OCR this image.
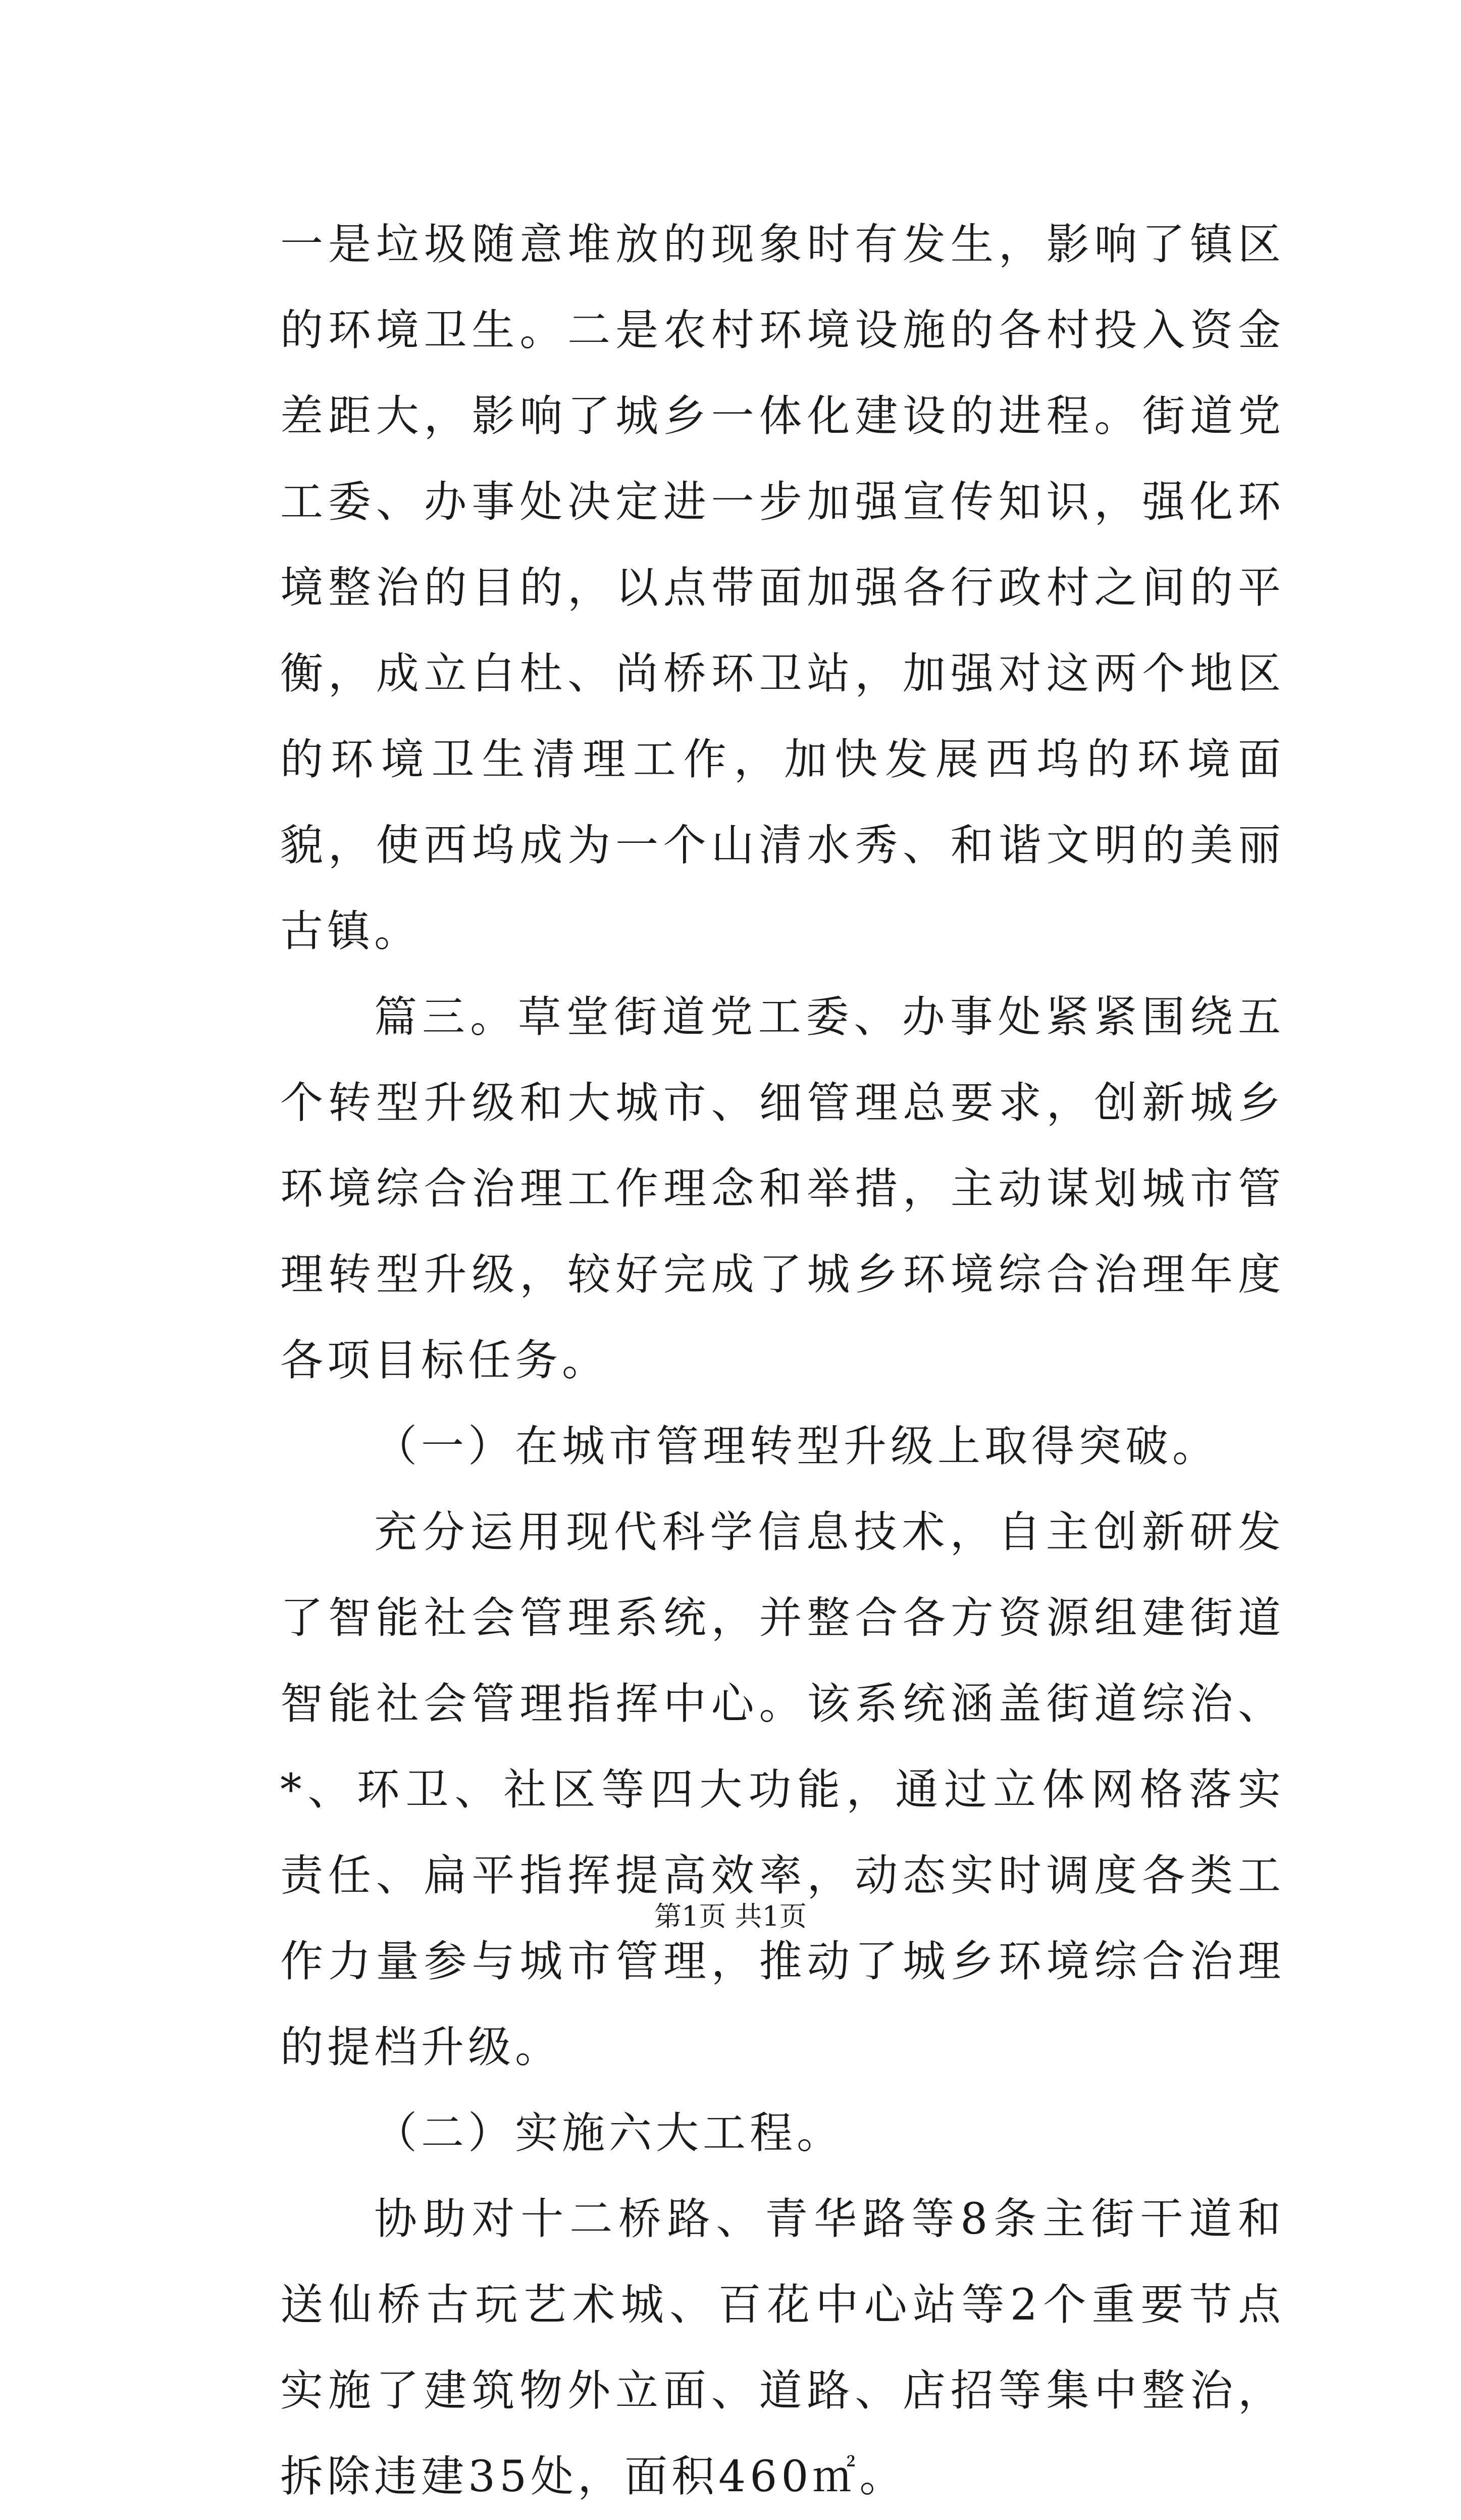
一是垃圾随意堆放的现象时有发生，影响了镇区的环境卫生。二是农村环境设施的各村投入资金差距大，影响了城乡一体化建设的进程。街道党工委、办事处决定进一步加强宣传知识，强化环境整治的目的，以点带面加强各行政村之间的平衡，成立白杜、尚桥环卫站，加强对这两个地区的环境卫生清理工作，加快发展西坞的环境面貌，使西坞成为一个山清水秀、和谐文明的美丽古镇。

篇三。草堂街道党工委、办事处紧紧围绕五个转型升级和大城市、细管理总要求，创新城乡环境综合治理工作理念和举措，主动谋划城市管理转型升级，较好完成了城乡环境综合治理年度各项目标任务。

（一）在城市管理转型升级上取得突破。

充分运用现代科学信息技术，自主创新研发了智能社会管理系统，并整合各方资源组建街道智能社会管理指挥中心。该系统涵盖街道综治、*、环卫、社区等四大功能，通过立体网格落实责任、扁平指挥提高效率，动态实时调度各类工作力量参与城市管理，推动了城乡环境综合治理的提档升级。

（二）实施六大工程。

协助对十二桥路、青华路等8条主街干道和送仙桥古玩艺术城、百花中心站等2个重要节点实施了建筑物外立面、道路、店招等集中整治，拆除违建35处，面积460㎡。

第1页 共1页
